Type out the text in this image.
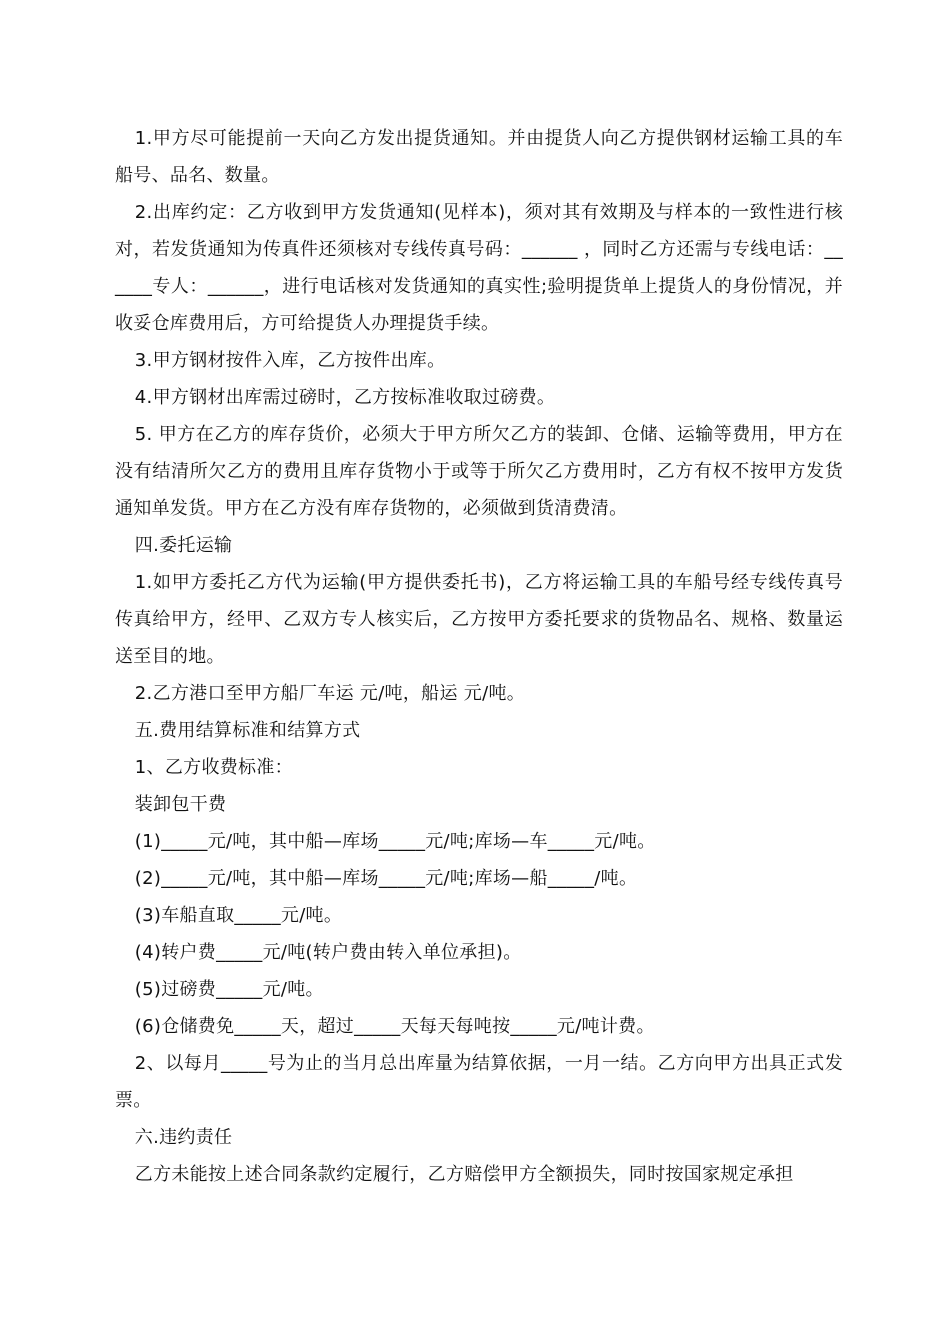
1.甲方尽可能提前一天向乙方发出提货通知。并由提货人向乙方提供钢材运输工具的车船号、品名、数量。

2.出库约定：乙方收到甲方发货通知(见样本)，须对其有效期及与样本的一致性进行核对，若发货通知为传真件还须核对专线传真号码：______ ，同时乙方还需与专线电话：______专人：______，进行电话核对发货通知的真实性;验明提货单上提货人的身份情况，并收妥仓库费用后，方可给提货人办理提货手续。

3.甲方钢材按件入库，乙方按件出库。

4.甲方钢材出库需过磅时，乙方按标准收取过磅费。

5. 甲方在乙方的库存货价，必须大于甲方所欠乙方的装卸、仓储、运输等费用，甲方在没有结清所欠乙方的费用且库存货物小于或等于所欠乙方费用时，乙方有权不按甲方发货通知单发货。甲方在乙方没有库存货物的，必须做到货清费清。

四.委托运输

1.如甲方委托乙方代为运输(甲方提供委托书)，乙方将运输工具的车船号经专线传真号传真给甲方，经甲、乙双方专人核实后，乙方按甲方委托要求的货物品名、规格、数量运送至目的地。

2.乙方港口至甲方船厂车运 元/吨，船运 元/吨。

五.费用结算标准和结算方式

1、乙方收费标准：

装卸包干费

(1)_____元/吨，其中船—库场_____元/吨;库场—车_____元/吨。

(2)_____元/吨，其中船—库场_____元/吨;库场—船_____/吨。

(3)车船直取_____元/吨。

(4)转户费_____元/吨(转户费由转入单位承担)。

(5)过磅费_____元/吨。

(6)仓储费免_____天，超过_____天每天每吨按_____元/吨计费。

2、以每月_____号为止的当月总出库量为结算依据，一月一结。乙方向甲方出具正式发票。

六.违约责任

乙方未能按上述合同条款约定履行，乙方赔偿甲方全额损失，同时按国家规定承担
